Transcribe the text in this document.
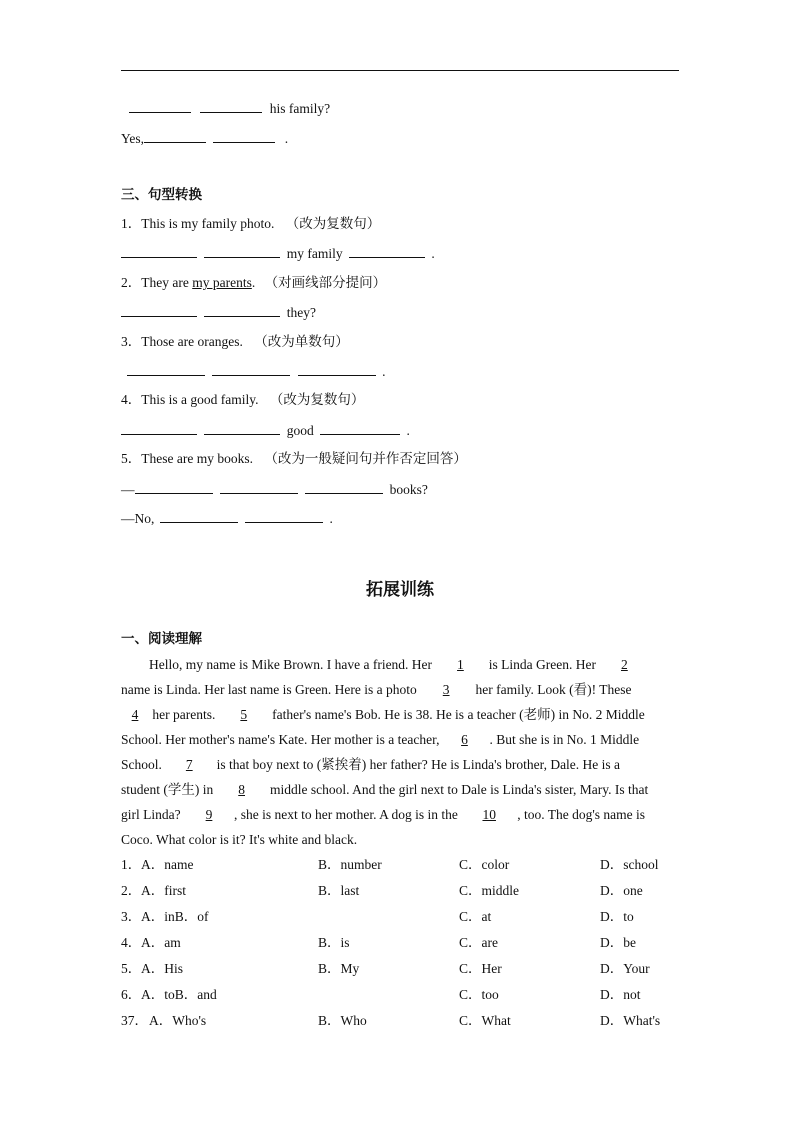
his family?
Yes,	.
三、句型转换
1．This is my family photo. （改为复数句）
my family	.
2．They are my parents. （对画线部分提问）
they?
3．Those are oranges. （改为单数句）
.
4．This is a good family. （改为复数句）
good	.
5．These are my books. （改为一般疑问句并作否定回答）
—	books?
—No,	.
拓展训练
一、阅读理解
Hello, my name is Mike Brown. I have a friend. Her 1 is Linda Green. Her 2
name is Linda. Her last name is Green. Here is a photo 3 her family. Look (看)! These
4 her parents. 5 father's name's Bob. He is 38. He is a teacher (老师) in No. 2 Middle
School. Her mother's name's Kate. Her mother is a teacher, 6 . But she is in No. 1 Middle
School. 7 is that boy next to (紧挨着) her father? He is Linda's brother, Dale. He is a
student (学生) in 8 middle school. And the girl next to Dale is Linda's sister, Mary. Is that
girl Linda? 9 , she is next to her mother. A dog is in the 10 , too. The dog's name is
Coco. What color is it? It's white and black.
1． A．name	B．number	C．color	D．school
2． A．first	B．last	C．middle	D．one
3． A．inB．of	C．at	D．to
4． A．am	B．is	C．are	D．be
5． A．His	B．My	C．Her	D．Your
6． A．toB．and	C．too	D．not
37． A．Who's	B．Who	C．What	D．What's
